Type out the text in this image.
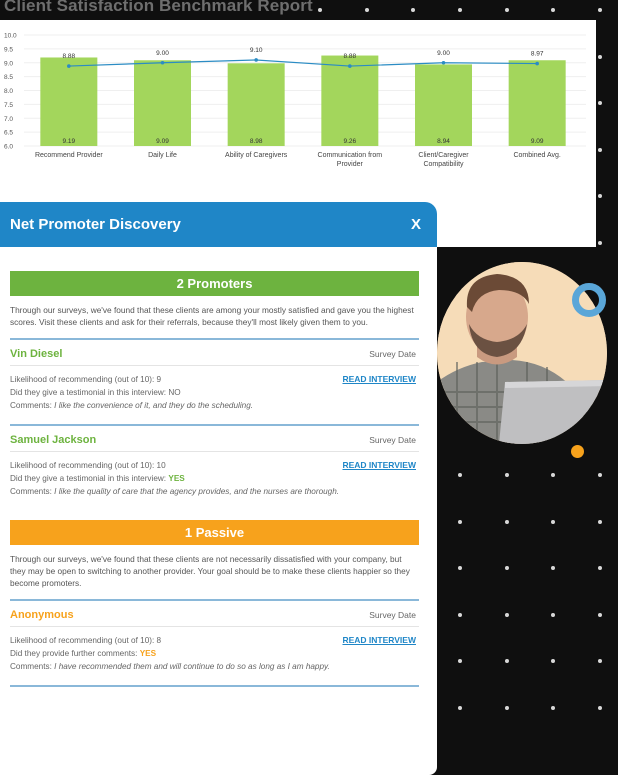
Client Satisfaction Benchmark Report
10.0
9.5
9.0
8.5
8.0
7.5
7.0
6.5
6.0
9.19
Recommend Provider
9.09
Daily Life
8.98
Ability of Caregivers
9.26
Communication from
Provider
8.94
Client/Caregiver
Compatibility
9.09
Combined Avg.
8.88	9.00	9.10
8.88	9.00	8.97
Net Promoter Discovery	X
2 Promoters
Through our surveys, we've found that these clients are among your mostly satisfied and gave you the highest scores. Visit these clients and ask for their referrals, because they'll most likely given them to you.
Vin Diesel	Survey Date
Likelihood of recommending (out of 10): 9
Did they give a testimonial in this interview: NO
Comments: I like the convenience of it, and they do the scheduling.
READ INTERVIEW
Samuel Jackson	Survey Date
Likelihood of recommending (out of 10): 10
Did they give a testimonial in this interview: YES
Comments: I like the quality of care that the agency provides, and the nurses are thorough.
READ INTERVIEW
1 Passive
Through our surveys, we've found that these clients are not necessarily dissatisfied with your company, but they may be open to switching to another provider. Your goal should be to make these clients happier so they become promoters.
Anonymous	Survey Date
Likelihood of recommending (out of 10): 8
Did they provide further comments: YES
Comments: I have recommended them and will continue to do so as long as I am happy.
READ INTERVIEW
